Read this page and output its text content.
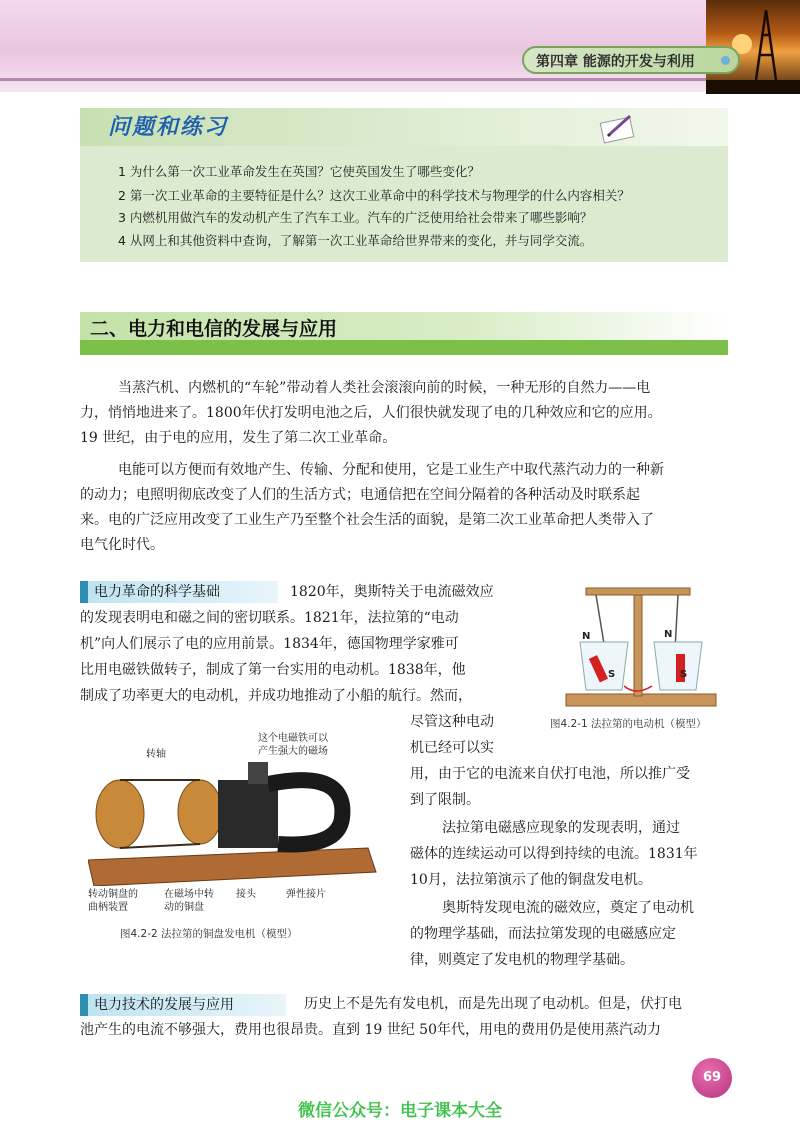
第四章 能源的开发与利用
问题和练习
1 为什么第一次工业革命发生在英国？它使英国发生了哪些变化？
2 第一次工业革命的主要特征是什么？这次工业革命中的科学技术与物理学的什么内容相关？
3 内燃机用做汽车的发动机产生了汽车工业。汽车的广泛使用给社会带来了哪些影响？
4 从网上和其他资料中查询，了解第一次工业革命给世界带来的变化，并与同学交流。
二、电力和电信的发展与应用
当蒸汽机、内燃机的“车轮”带动着人类社会滚滚向前的时候，一种无形的自然力——电
力，悄悄地进来了。1800年伏打发明电池之后，人们很快就发现了电的几种效应和它的应用。
19 世纪，由于电的应用，发生了第二次工业革命。
电能可以方便而有效地产生、传输、分配和使用，它是工业生产中取代蒸汽动力的一种新
的动力；电照明彻底改变了人们的生活方式；电通信把在空间分隔着的各种活动及时联系起
来。电的广泛应用改变了工业生产乃至整个社会生活的面貌，是第二次工业革命把人类带入了
电气化时代。
电力革命的科学基础	1820年，奥斯特关于电流磁效应
的发现表明电和磁之间的密切联系。1821年，法拉第的“电动
机”向人们展示了电的应用前景。1834年，德国物理学家雅可
比用电磁铁做转子，制成了第一台实用的电动机。1838年，他
制成了功率更大的电动机，并成功地推动了小船的航行。然而，
尽管这种电动
机已经可以实
用，由于它的电流来自伏打电池，所以推广受
到了限制。
法拉第电磁感应现象的发现表明，通过
磁体的连续运动可以得到持续的电流。1831年
10月，法拉第演示了他的铜盘发电机。
奥斯特发现电流的磁效应，奠定了电动机
的物理学基础，而法拉第发现的电磁感应定
律，则奠定了发电机的物理学基础。
N
S
N
S
图4.2-1 法拉第的电动机（模型）
转轴
这个电磁铁可以
产生强大的磁场
转动铜盘的
曲柄装置
在磁场中转
动的铜盘
接头	弹性接片
图4.2-2 法拉第的铜盘发电机（模型）
电力技术的发展与应用	历史上不是先有发电机，而是先出现了电动机。但是，伏打电
池产生的电流不够强大，费用也很昂贵。直到 19 世纪 50年代，用电的费用仍是使用蒸汽动力
69
微信公众号：电子课本大全
